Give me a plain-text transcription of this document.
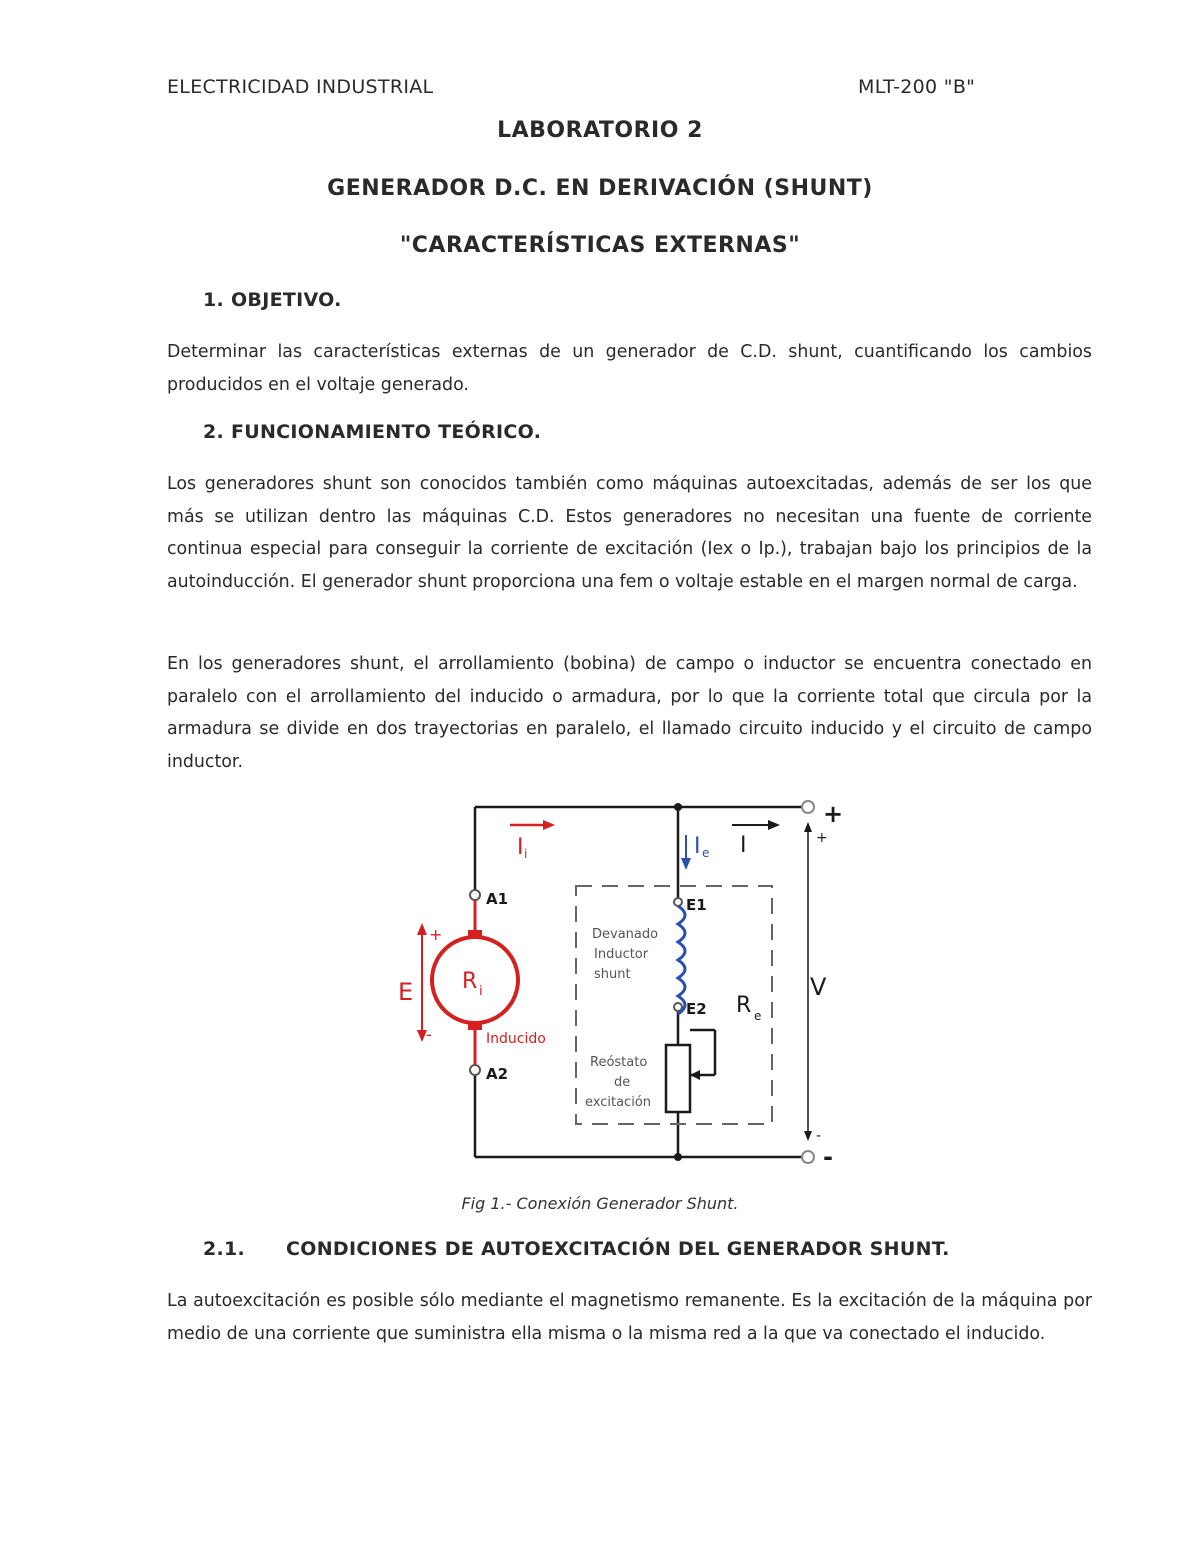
ELECTRICIDAD INDUSTRIAL	MLT-200 "B"
LABORATORIO 2
GENERADOR D.C. EN DERIVACIÓN (SHUNT)
"CARACTERÍSTICAS EXTERNAS"
1. OBJETIVO.
Determinar las características externas de un generador de C.D. shunt, cuantificando los cambios producidos en el voltaje generado.
2. FUNCIONAMIENTO TEÓRICO.
Los generadores shunt son conocidos también como máquinas autoexcitadas, además de ser los que más se utilizan dentro las máquinas C.D. Estos generadores no necesitan una fuente de corriente continua especial para conseguir la corriente de excitación (Iex o Ip.), trabajan bajo los principios de la autoinducción. El generador shunt proporciona una fem o voltaje estable en el margen normal de carga.
En los generadores shunt, el arrollamiento (bobina) de campo o inductor se encuentra conectado en paralelo con el arrollamiento del inducido o armadura, por lo que la corriente total que circula por la armadura se divide en dos trayectorias en paralelo, el llamado circuito inducido y el circuito de campo inductor.
+
-
+
-
V
A1
A2
R i
Inducido
+
-
E
I i	I e I
E1
E2
Devanado
Inductor
shunt
R e
Reóstato
de
excitación
Fig 1.- Conexión Generador Shunt.
2.1. CONDICIONES DE AUTOEXCITACIÓN DEL GENERADOR SHUNT.
La autoexcitación es posible sólo mediante el magnetismo remanente. Es la excitación de la máquina por medio de una corriente que suministra ella misma o la misma red a la que va conectado el inducido.
